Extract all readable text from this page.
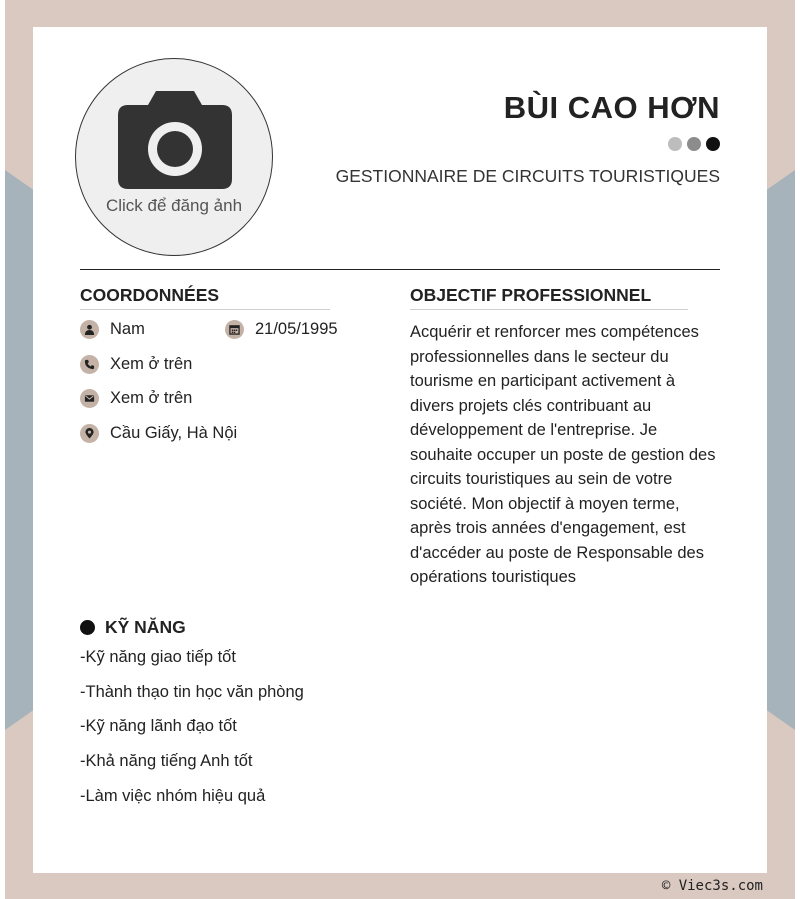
Click để đăng ảnh
BÙI CAO HƠN
GESTIONNAIRE DE CIRCUITS TOURISTIQUES
COORDONNÉES
Nam	21/05/1995
Xem ở trên
Xem ở trên
Cầu Giấy, Hà Nội
OBJECTIF PROFESSIONNEL
Acquérir et renforcer mes compétences professionnelles dans le secteur du tourisme en participant activement à divers projets clés contribuant au développement de l'entreprise. Je souhaite occuper un poste de gestion des circuits touristiques au sein de votre société. Mon objectif à moyen terme, après trois années d'engagement, est d'accéder au poste de Responsable des opérations touristiques
KỸ NĂNG
-Kỹ năng giao tiếp tốt
-Thành thạo tin học văn phòng
-Kỹ năng lãnh đạo tốt
-Khả năng tiếng Anh tốt
-Làm việc nhóm hiệu quả
© Viec3s.com
